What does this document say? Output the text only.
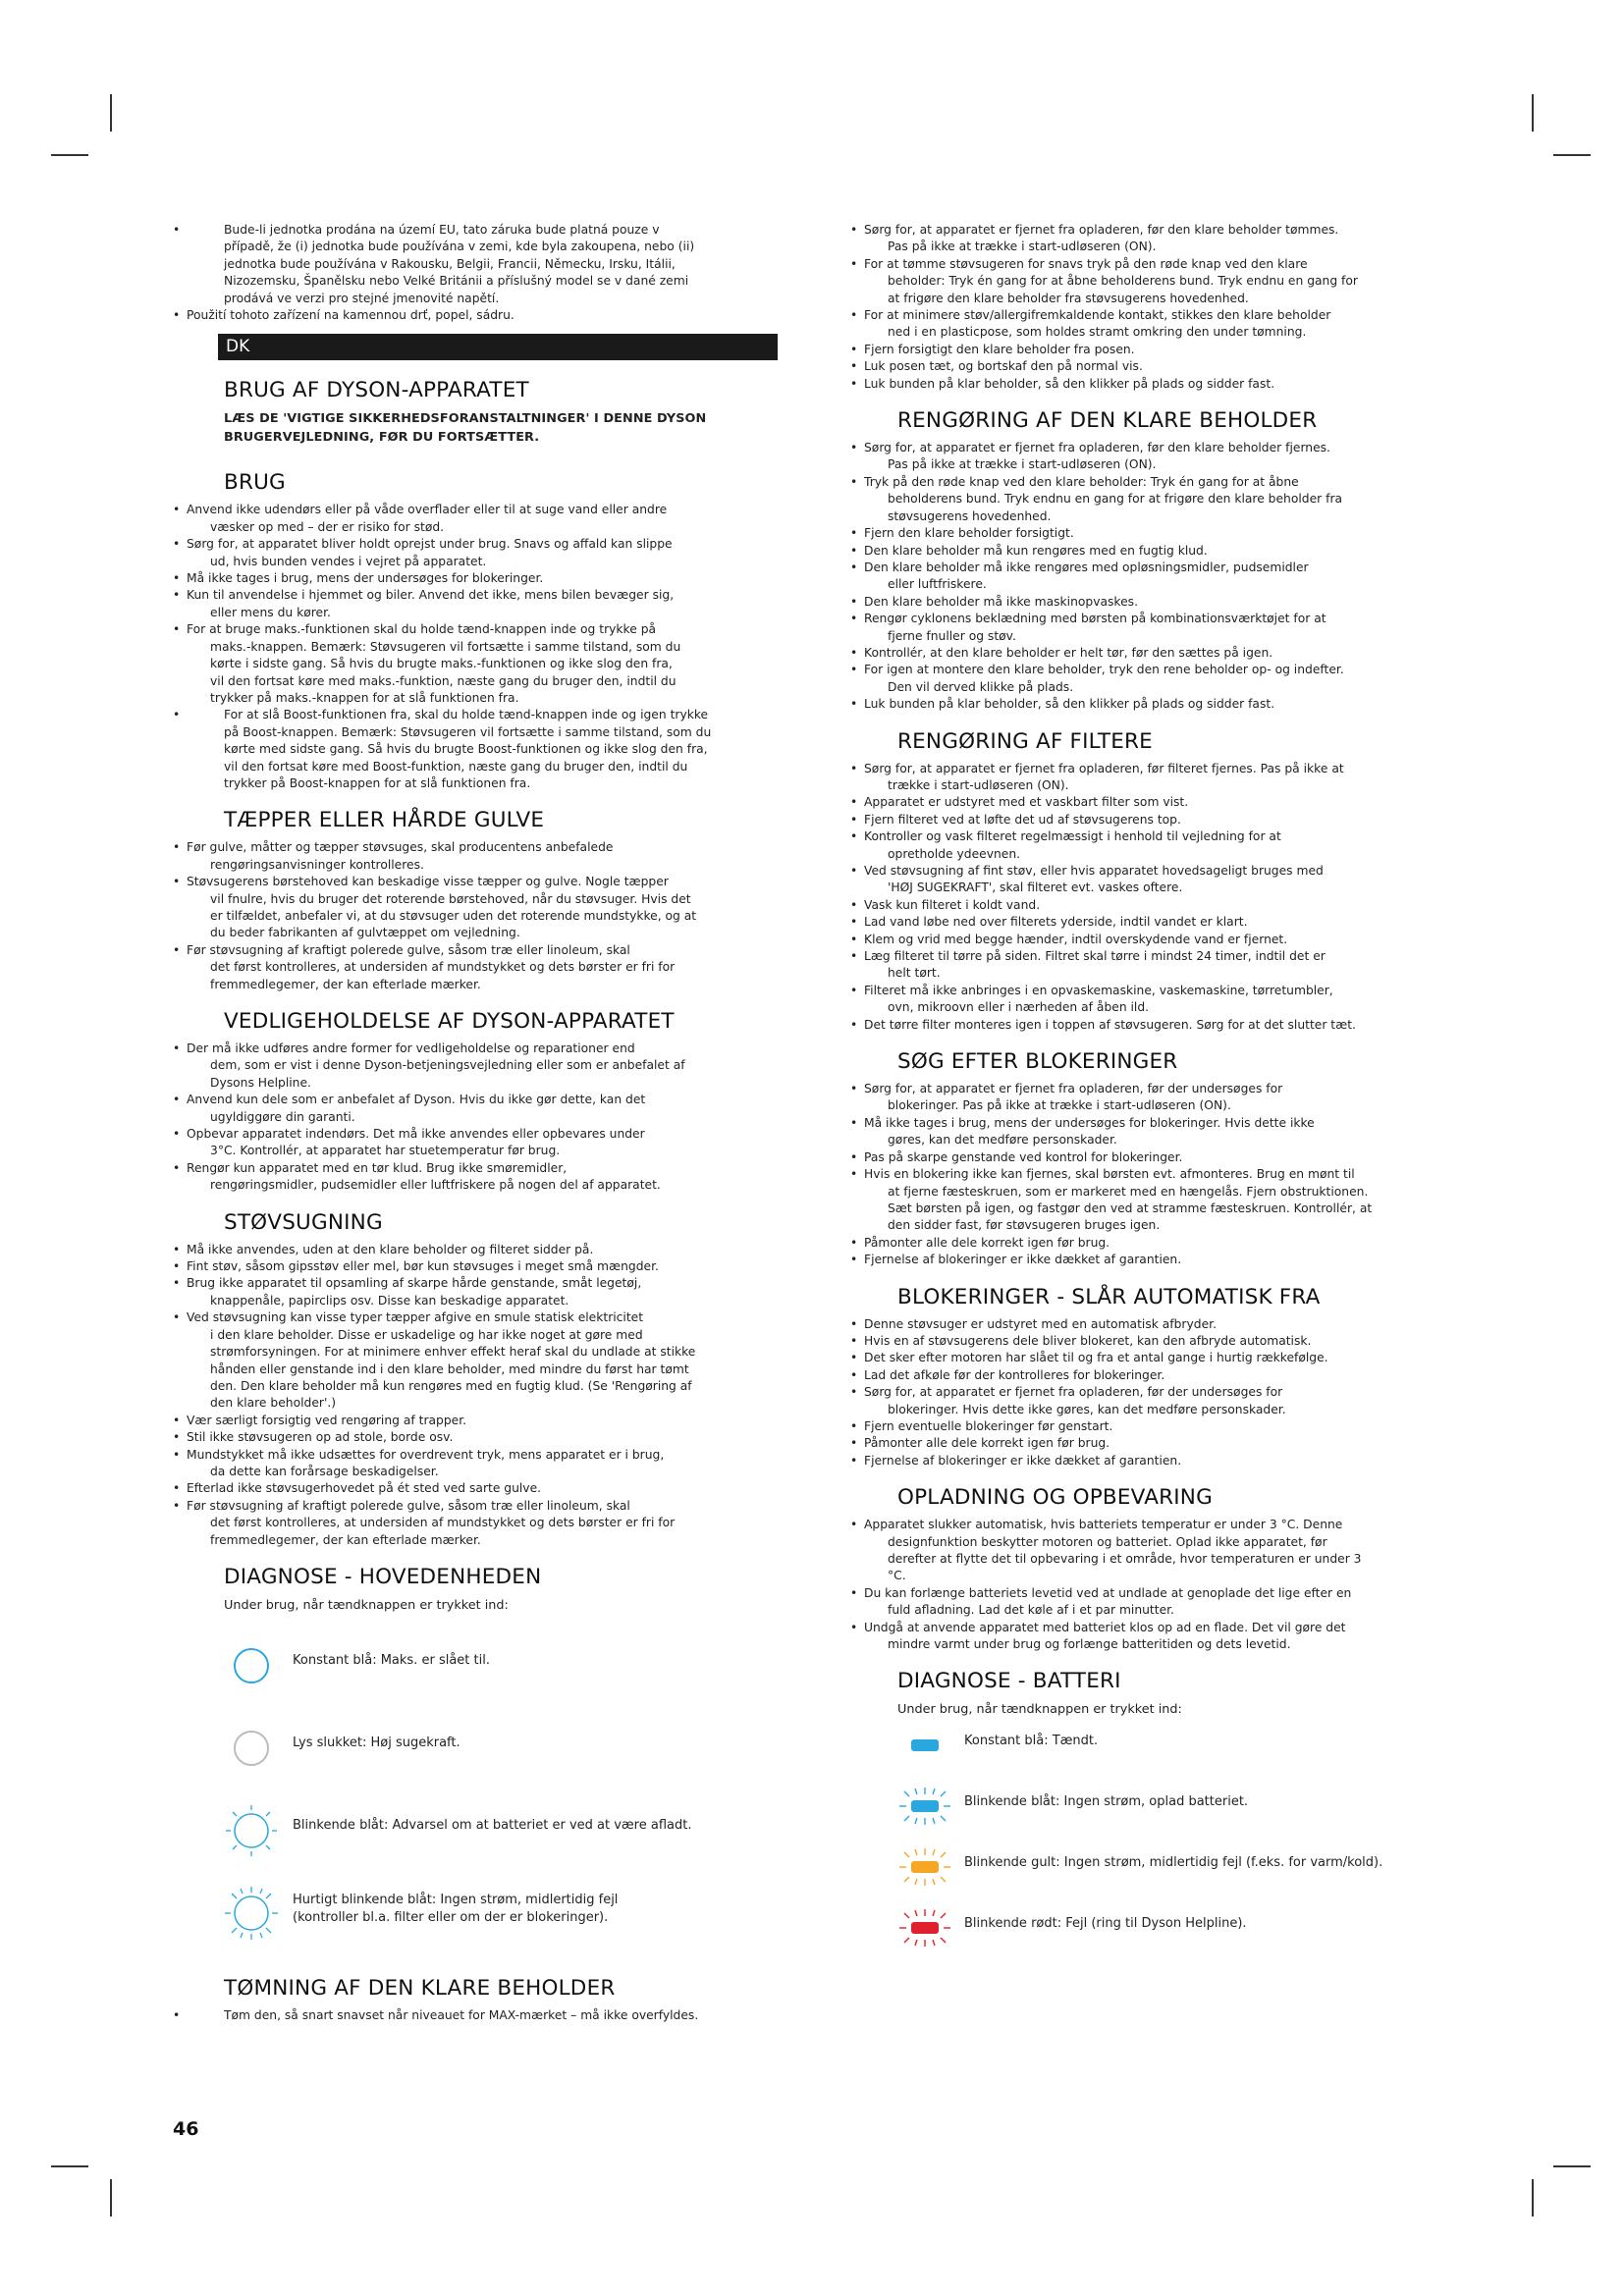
• Bude-li jednotka prodána na území EU, tato záruka bude platná pouze v
případě, že (i) jednotka bude používána v zemi, kde byla zakoupena, nebo (ii)
jednotka bude používána v Rakousku, Belgii, Francii, Německu, Irsku, Itálii,
Nizozemsku, Španělsku nebo Velké Británii a příslušný model se v dané zemi
prodává ve verzi pro stejné jmenovité napětí.
• Použití tohoto zařízení na kamennou drť, popel, sádru.
DK
BRUG AF DYSON-APPARATET
LÆS DE 'VIGTIGE SIKKERHEDSFORANSTALTNINGER' I DENNE DYSON
BRUGERVEJLEDNING, FØR DU FORTSÆTTER.
BRUG
• Anvend ikke udendørs eller på våde overflader eller til at suge vand eller andre
væsker op med – der er risiko for stød.
• Sørg for, at apparatet bliver holdt oprejst under brug. Snavs og affald kan slippe
ud, hvis bunden vendes i vejret på apparatet.
• Må ikke tages i brug, mens der undersøges for blokeringer.
• Kun til anvendelse i hjemmet og biler. Anvend det ikke, mens bilen bevæger sig,
eller mens du kører.
• For at bruge maks.-funktionen skal du holde tænd-knappen inde og trykke på
maks.-knappen. Bemærk: Støvsugeren vil fortsætte i samme tilstand, som du
kørte i sidste gang. Så hvis du brugte maks.-funktionen og ikke slog den fra,
vil den fortsat køre med maks.-funktion, næste gang du bruger den, indtil du
trykker på maks.-knappen for at slå funktionen fra.
• For at slå Boost-funktionen fra, skal du holde tænd-knappen inde og igen trykke
på Boost-knappen. Bemærk: Støvsugeren vil fortsætte i samme tilstand, som du
kørte med sidste gang. Så hvis du brugte Boost-funktionen og ikke slog den fra,
vil den fortsat køre med Boost-funktion, næste gang du bruger den, indtil du
trykker på Boost-knappen for at slå funktionen fra.
TÆPPER ELLER HÅRDE GULVE
• Før gulve, måtter og tæpper støvsuges, skal producentens anbefalede
rengøringsanvisninger kontrolleres.
• Støvsugerens børstehoved kan beskadige visse tæpper og gulve. Nogle tæpper
vil fnulre, hvis du bruger det roterende børstehoved, når du støvsuger. Hvis det
er tilfældet, anbefaler vi, at du støvsuger uden det roterende mundstykke, og at
du beder fabrikanten af gulvtæppet om vejledning.
• Før støvsugning af kraftigt polerede gulve, såsom træ eller linoleum, skal
det først kontrolleres, at undersiden af mundstykket og dets børster er fri for
fremmedlegemer, der kan efterlade mærker.
VEDLIGEHOLDELSE AF DYSON-APPARATET
• Der må ikke udføres andre former for vedligeholdelse og reparationer end
dem, som er vist i denne Dyson-betjeningsvejledning eller som er anbefalet af
Dysons Helpline.
• Anvend kun dele som er anbefalet af Dyson. Hvis du ikke gør dette, kan det
ugyldiggøre din garanti.
• Opbevar apparatet indendørs. Det må ikke anvendes eller opbevares under
3°C. Kontrollér, at apparatet har stuetemperatur før brug.
• Rengør kun apparatet med en tør klud. Brug ikke smøremidler,
rengøringsmidler, pudsemidler eller luftfriskere på nogen del af apparatet.
STØVSUGNING
• Må ikke anvendes, uden at den klare beholder og filteret sidder på.
• Fint støv, såsom gipsstøv eller mel, bør kun støvsuges i meget små mængder.
• Brug ikke apparatet til opsamling af skarpe hårde genstande, småt legetøj,
knappenåle, papirclips osv. Disse kan beskadige apparatet.
• Ved støvsugning kan visse typer tæpper afgive en smule statisk elektricitet
i den klare beholder. Disse er uskadelige og har ikke noget at gøre med
strømforsyningen. For at minimere enhver effekt heraf skal du undlade at stikke
hånden eller genstande ind i den klare beholder, med mindre du først har tømt
den. Den klare beholder må kun rengøres med en fugtig klud. (Se 'Rengøring af
den klare beholder'.)
• Vær særligt forsigtig ved rengøring af trapper.
• Stil ikke støvsugeren op ad stole, borde osv.
• Mundstykket må ikke udsættes for overdrevent tryk, mens apparatet er i brug,
da dette kan forårsage beskadigelser.
• Efterlad ikke støvsugerhovedet på ét sted ved sarte gulve.
• Før støvsugning af kraftigt polerede gulve, såsom træ eller linoleum, skal
det først kontrolleres, at undersiden af mundstykket og dets børster er fri for
fremmedlegemer, der kan efterlade mærker.
DIAGNOSE - HOVEDENHEDEN
Under brug, når tændknappen er trykket ind:
Konstant blå: Maks. er slået til.
Lys slukket: Høj sugekraft.
Blinkende blåt: Advarsel om at batteriet er ved at være afladt.
Hurtigt blinkende blåt: Ingen strøm, midlertidig fejl
(kontroller bl.a. filter eller om der er blokeringer).
TØMNING AF DEN KLARE BEHOLDER
• Tøm den, så snart snavset når niveauet for MAX-mærket – må ikke overfyldes.
• Sørg for, at apparatet er fjernet fra opladeren, før den klare beholder tømmes.
Pas på ikke at trække i start-udløseren (ON).
• For at tømme støvsugeren for snavs tryk på den røde knap ved den klare
beholder: Tryk én gang for at åbne beholderens bund. Tryk endnu en gang for
at frigøre den klare beholder fra støvsugerens hovedenhed.
• For at minimere støv/allergifremkaldende kontakt, stikkes den klare beholder
ned i en plasticpose, som holdes stramt omkring den under tømning.
• Fjern forsigtigt den klare beholder fra posen.
• Luk posen tæt, og bortskaf den på normal vis.
• Luk bunden på klar beholder, så den klikker på plads og sidder fast.
RENGØRING AF DEN KLARE BEHOLDER
• Sørg for, at apparatet er fjernet fra opladeren, før den klare beholder fjernes.
Pas på ikke at trække i start-udløseren (ON).
• Tryk på den røde knap ved den klare beholder: Tryk én gang for at åbne
beholderens bund. Tryk endnu en gang for at frigøre den klare beholder fra
støvsugerens hovedenhed.
• Fjern den klare beholder forsigtigt.
• Den klare beholder må kun rengøres med en fugtig klud.
• Den klare beholder må ikke rengøres med opløsningsmidler, pudsemidler
eller luftfriskere.
• Den klare beholder må ikke maskinopvaskes.
• Rengør cyklonens beklædning med børsten på kombinationsværktøjet for at
fjerne fnuller og støv.
• Kontrollér, at den klare beholder er helt tør, før den sættes på igen.
• For igen at montere den klare beholder, tryk den rene beholder op- og indefter.
Den vil derved klikke på plads.
• Luk bunden på klar beholder, så den klikker på plads og sidder fast.
RENGØRING AF FILTERE
• Sørg for, at apparatet er fjernet fra opladeren, før filteret fjernes. Pas på ikke at
trække i start-udløseren (ON).
• Apparatet er udstyret med et vaskbart filter som vist.
• Fjern filteret ved at løfte det ud af støvsugerens top.
• Kontroller og vask filteret regelmæssigt i henhold til vejledning for at
opretholde ydeevnen.
• Ved støvsugning af fint støv, eller hvis apparatet hovedsageligt bruges med
'HØJ SUGEKRAFT', skal filteret evt. vaskes oftere.
• Vask kun filteret i koldt vand.
• Lad vand løbe ned over filterets yderside, indtil vandet er klart.
• Klem og vrid med begge hænder, indtil overskydende vand er fjernet.
• Læg filteret til tørre på siden. Filtret skal tørre i mindst 24 timer, indtil det er
helt tørt.
• Filteret må ikke anbringes i en opvaskemaskine, vaskemaskine, tørretumbler,
ovn, mikroovn eller i nærheden af åben ild.
• Det tørre filter monteres igen i toppen af støvsugeren. Sørg for at det slutter tæt.
SØG EFTER BLOKERINGER
• Sørg for, at apparatet er fjernet fra opladeren, før der undersøges for
blokeringer. Pas på ikke at trække i start-udløseren (ON).
• Må ikke tages i brug, mens der undersøges for blokeringer. Hvis dette ikke
gøres, kan det medføre personskader.
• Pas på skarpe genstande ved kontrol for blokeringer.
• Hvis en blokering ikke kan fjernes, skal børsten evt. afmonteres. Brug en mønt til
at fjerne fæsteskruen, som er markeret med en hængelås. Fjern obstruktionen.
Sæt børsten på igen, og fastgør den ved at stramme fæsteskruen. Kontrollér, at
den sidder fast, før støvsugeren bruges igen.
• Påmonter alle dele korrekt igen før brug.
• Fjernelse af blokeringer er ikke dækket af garantien.
BLOKERINGER - SLÅR AUTOMATISK FRA
• Denne støvsuger er udstyret med en automatisk afbryder.
• Hvis en af støvsugerens dele bliver blokeret, kan den afbryde automatisk.
• Det sker efter motoren har slået til og fra et antal gange i hurtig rækkefølge.
• Lad det afkøle før der kontrolleres for blokeringer.
• Sørg for, at apparatet er fjernet fra opladeren, før der undersøges for
blokeringer. Hvis dette ikke gøres, kan det medføre personskader.
• Fjern eventuelle blokeringer før genstart.
• Påmonter alle dele korrekt igen før brug.
• Fjernelse af blokeringer er ikke dækket af garantien.
OPLADNING OG OPBEVARING
• Apparatet slukker automatisk, hvis batteriets temperatur er under 3 °C. Denne
designfunktion beskytter motoren og batteriet. Oplad ikke apparatet, før
derefter at flytte det til opbevaring i et område, hvor temperaturen er under 3
°C.
• Du kan forlænge batteriets levetid ved at undlade at genoplade det lige efter en
fuld afladning. Lad det køle af i et par minutter.
• Undgå at anvende apparatet med batteriet klos op ad en flade. Det vil gøre det
mindre varmt under brug og forlænge batteritiden og dets levetid.
DIAGNOSE - BATTERI
Under brug, når tændknappen er trykket ind:
Konstant blå: Tændt.
Blinkende blåt: Ingen strøm, oplad batteriet.
Blinkende gult: Ingen strøm, midlertidig fejl (f.eks. for varm/kold).
Blinkende rødt: Fejl (ring til Dyson Helpline).
46
